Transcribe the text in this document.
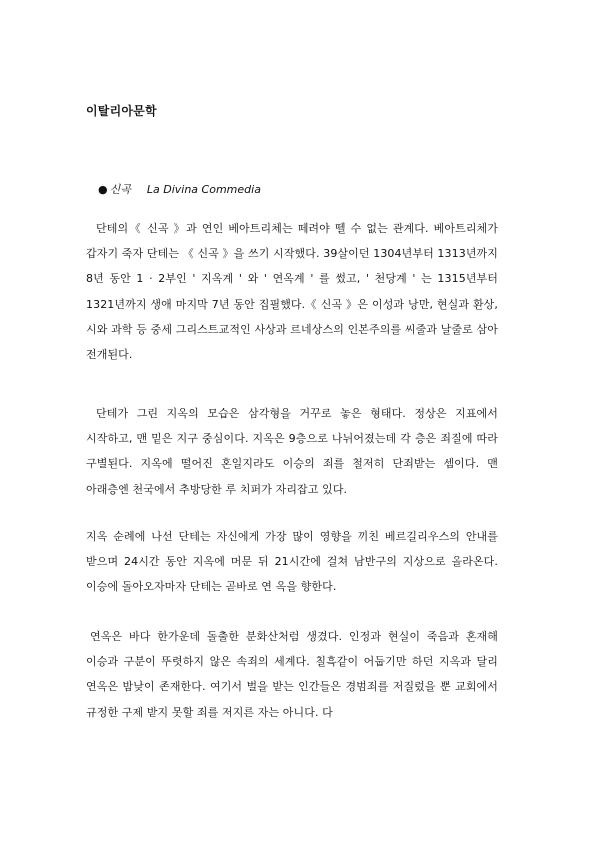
이탈리아문학
● 신곡 La Divina Commedia

단테의《 신곡 》과 연인 베아트리체는 떼려야 뗄 수 없는 관계다. 베아트리체가 갑자기 죽자 단테는 《 신곡 》을 쓰기 시작했다. 39살이던 1304년부터 1313년까지 8년 동안 1 · 2부인 ' 지옥계 ' 와 ' 연옥계 ' 를 썼고, ' 천당계 ' 는 1315년부터 1321년까지 생애 마지막 7년 동안 집필했다.《 신곡 》은 이성과 낭만, 현실과 환상, 시와 과학 등 중세 그리스트교적인 사상과 르네상스의 인본주의를 씨줄과 날줄로 삼아 전개된다.

단테가 그린 지옥의 모습은 삼각형을 거꾸로 놓은 형태다. 정상은 지표에서 시작하고, 맨 밑은 지구 중심이다. 지옥은 9층으로 나뉘어졌는데 각 층은 죄질에 따라 구별된다. 지옥에 떨어진 혼일지라도 이승의 죄를 철저히 단죄받는 셈이다. 맨 아래층엔 천국에서 추방당한 루 치퍼가 자리잡고 있다.

지옥 순례에 나선 단테는 자신에게 가장 많이 영향을 끼친 베르길리우스의 안내를 받으며 24시간 동안 지옥에 머문 뒤 21시간에 걸쳐 남반구의 지상으로 올라온다. 이승에 돌아오자마자 단테는 곧바로 연 옥을 향한다.

연옥은 바다 한가운데 돌출한 분화산처럼 생겼다. 인정과 현실이 죽음과 혼재해 이승과 구분이 뚜렷하지 않은 속죄의 세계다. 칠흑같이 어둡기만 하던 지옥과 달리 연옥은 밤낮이 존재한다. 여기서 벌을 받는 인간들은 경범죄를 저질렀을 뿐 교회에서 규정한 구제 받지 못할 죄를 저지른 자는 아니다. 다
